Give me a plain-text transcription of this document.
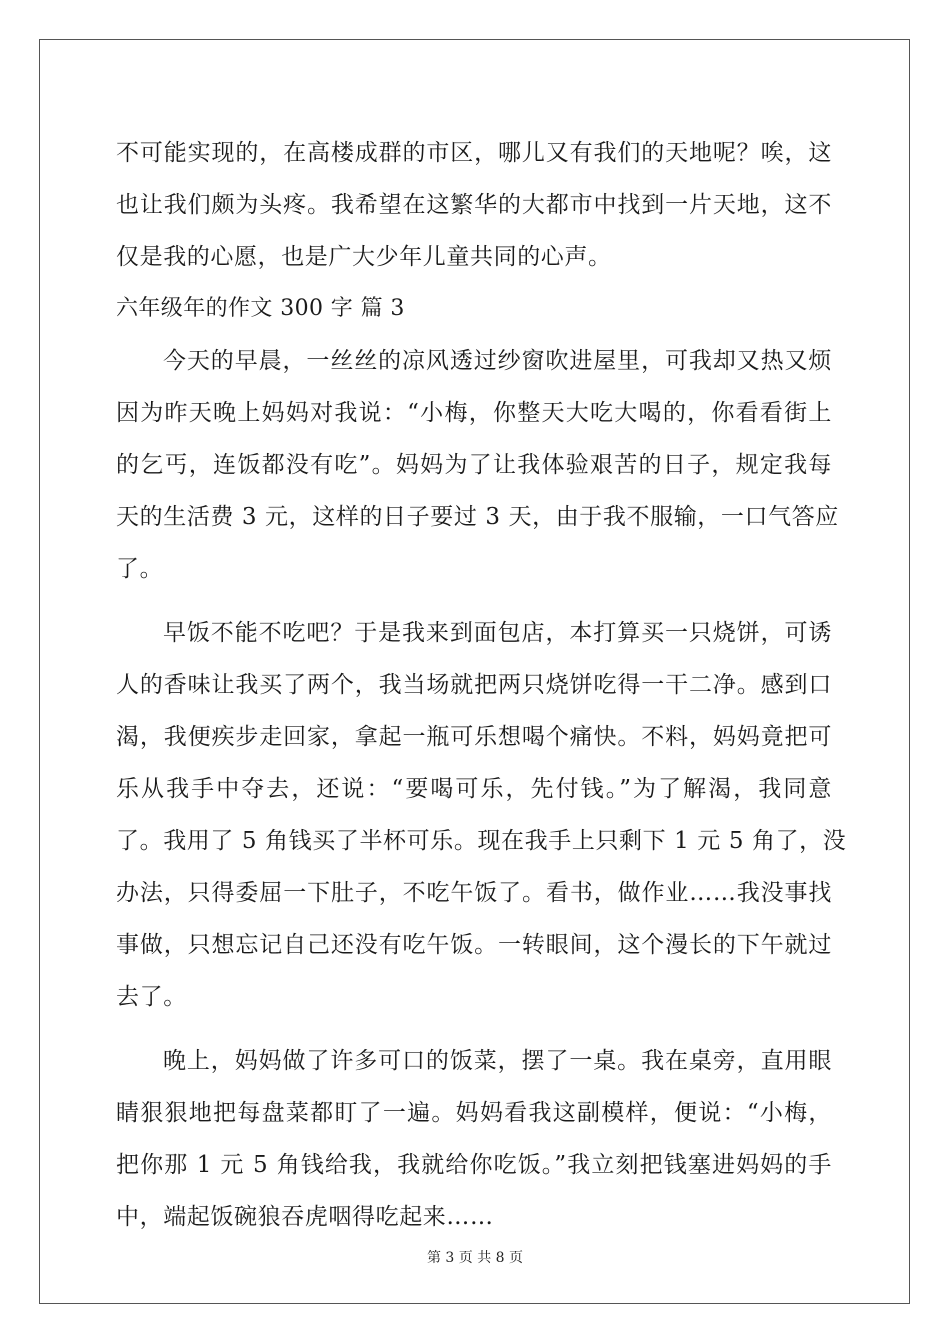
不可能实现的，在高楼成群的市区，哪儿又有我们的天地呢？唉，这
也让我们颇为头疼。我希望在这繁华的大都市中找到一片天地，这不
仅是我的心愿，也是广大少年儿童共同的心声。
六年级年的作文 300 字 篇 3
今天的早晨，一丝丝的凉风透过纱窗吹进屋里，可我却又热又烦
因为昨天晚上妈妈对我说：“小梅，你整天大吃大喝的，你看看街上
的乞丐，连饭都没有吃”。妈妈为了让我体验艰苦的日子，规定我每
天的生活费 3 元，这样的日子要过 3 天，由于我不服输，一口气答应
了。
早饭不能不吃吧？于是我来到面包店，本打算买一只烧饼，可诱
人的香味让我买了两个，我当场就把两只烧饼吃得一干二净。感到口
渴，我便疾步走回家，拿起一瓶可乐想喝个痛快。不料，妈妈竟把可
乐从我手中夺去，还说：“要喝可乐，先付钱。”为了解渴，我同意
了。我用了 5 角钱买了半杯可乐。现在我手上只剩下 1 元 5 角了，没
办法，只得委屈一下肚子，不吃午饭了。看书，做作业……我没事找
事做，只想忘记自己还没有吃午饭。一转眼间，这个漫长的下午就过
去了。
晚上，妈妈做了许多可口的饭菜，摆了一桌。我在桌旁，直用眼
睛狠狠地把每盘菜都盯了一遍。妈妈看我这副模样，便说：“小梅，
把你那 1 元 5 角钱给我，我就给你吃饭。”我立刻把钱塞进妈妈的手
中，端起饭碗狼吞虎咽得吃起来……
第 3 页 共 8 页
